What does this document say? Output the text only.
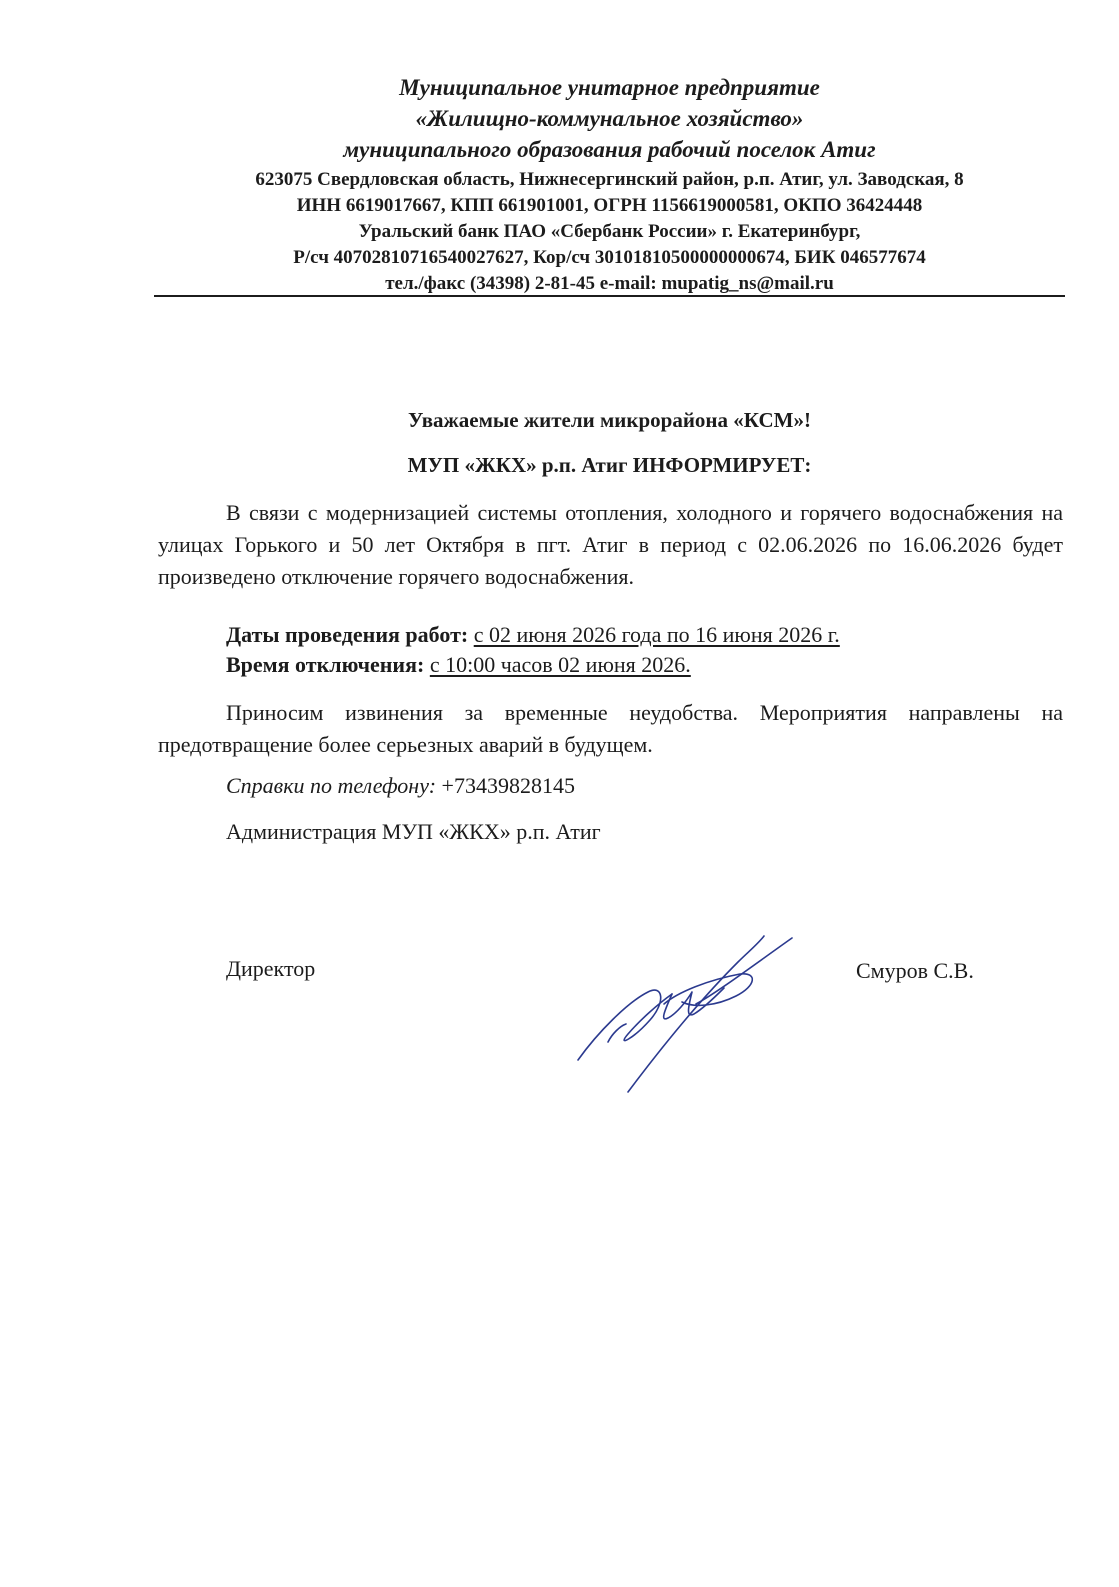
Муниципальное унитарное предприятие
«Жилищно-коммунальное хозяйство»
муниципального образования рабочий поселок Атиг
623075 Свердловская область, Нижнесергинский район, р.п. Атиг, ул. Заводская, 8
ИНН 6619017667, КПП 661901001, ОГРН 1156619000581, ОКПО 36424448
Уральский банк ПАО «Сбербанк России» г. Екатеринбург,
Р/сч 40702810716540027627, Кор/сч 30101810500000000674, БИК 046577674
тел./факс (34398) 2-81-45 e-mail: mupatig_ns@mail.ru
Уважаемые жители микрорайона «КСМ»!
МУП «ЖКХ» р.п. Атиг ИНФОРМИРУЕТ:
В связи с модернизацией системы отопления, холодного и горячего водоснабжения на улицах Горького и 50 лет Октября в пгт. Атиг в период с 02.06.2026 по 16.06.2026 будет произведено отключение горячего водоснабжения.
Даты проведения работ: с 02 июня 2026 года по 16 июня 2026 г.
Время отключения: с 10:00 часов 02 июня 2026.
Приносим извинения за временные неудобства. Мероприятия направлены на предотвращение более серьезных аварий в будущем.
Справки по телефону: +73439828145
Администрация МУП «ЖКХ» р.п. Атиг
Директор	Смуров С.В.
